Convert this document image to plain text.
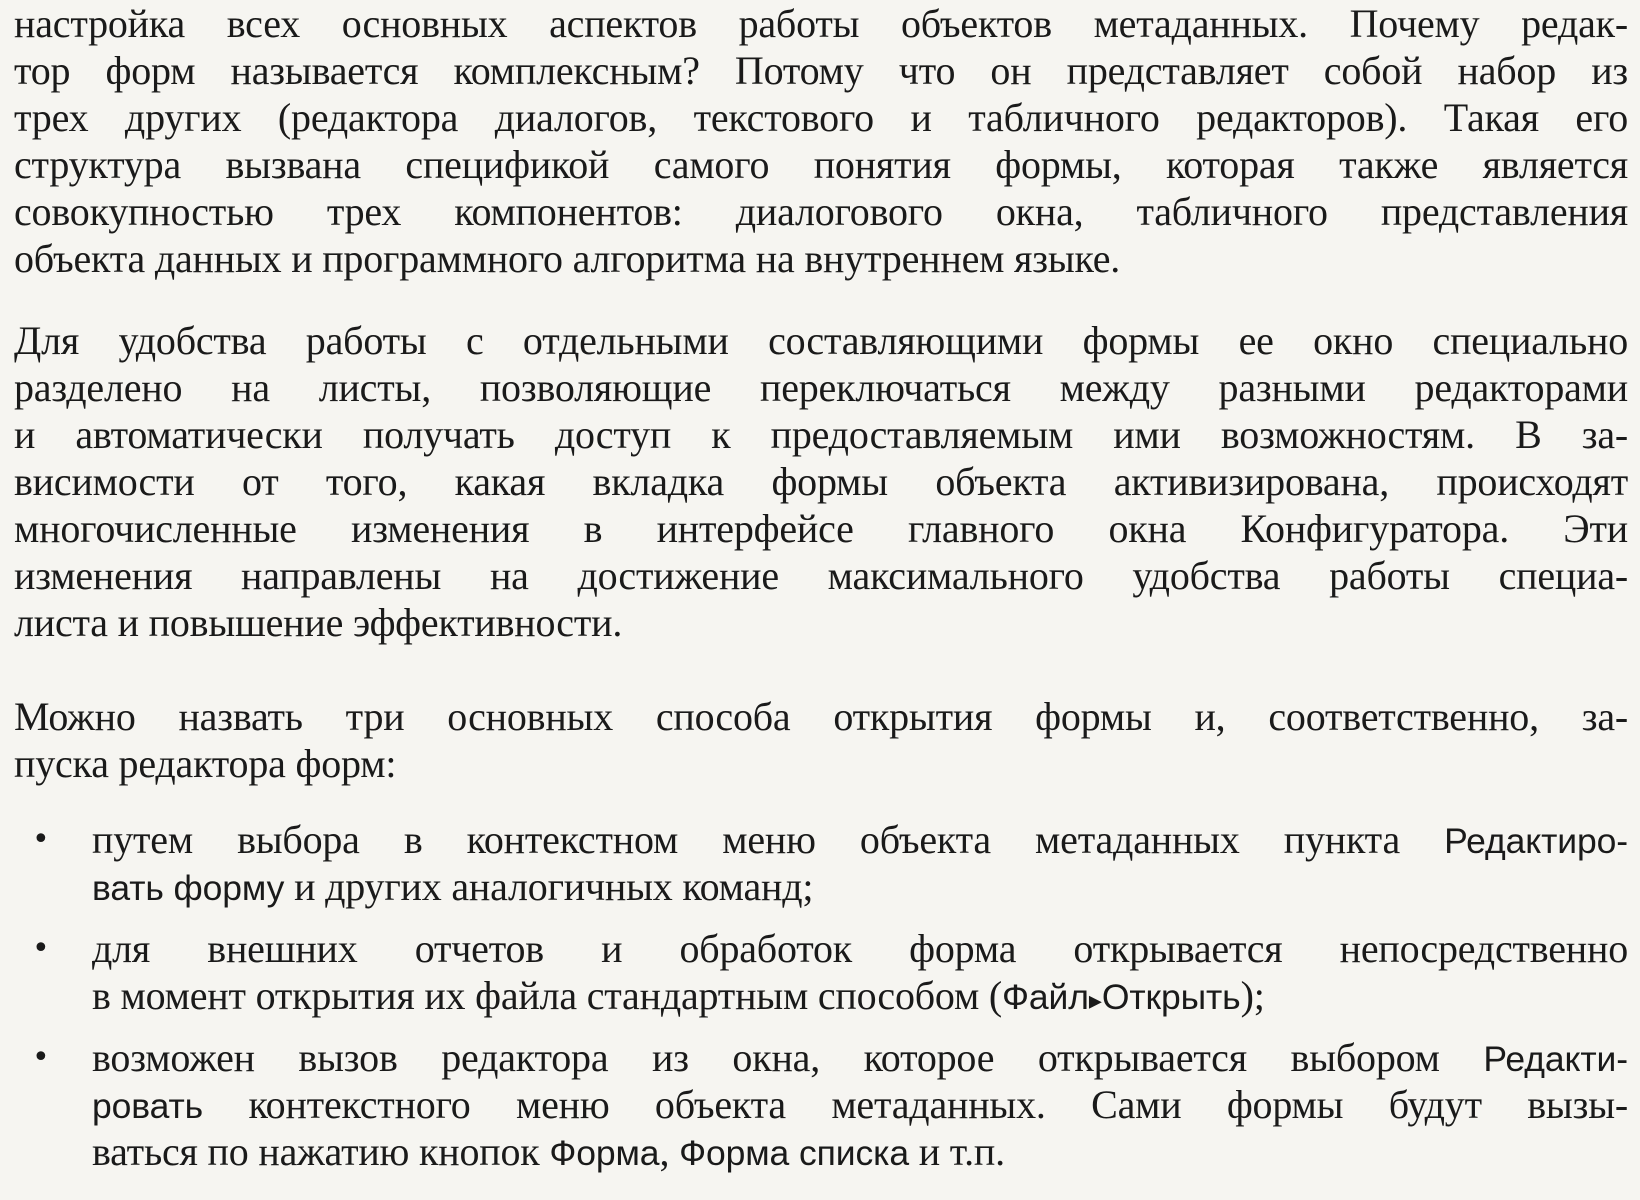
настройка всех основных аспектов работы объектов метаданных. Почему редак-
тор форм называется комплексным? Потому что он представляет собой набор из
трех других (редактора диалогов, текстового и табличного редакторов). Такая его
структура вызвана спецификой самого понятия формы, которая также является
совокупностью трех компонентов: диалогового окна, табличного представления
объекта данных и программного алгоритма на внутреннем языке.
Для удобства работы с отдельными составляющими формы ее окно специально
разделено на листы, позволяющие переключаться между разными редакторами
и автоматически получать доступ к предоставляемым ими возможностям. В за-
висимости от того, какая вкладка формы объекта активизирована, происходят
многочисленные изменения в интерфейсе главного окна Конфигуратора. Эти
изменения направлены на достижение максимального удобства работы специа-
листа и повышение эффективности.
Можно назвать три основных способа открытия формы и, соответственно, за-
пуска редактора форм:
• путем выбора в контекстном меню объекта метаданных пункта Редактиро-
вать форму и других аналогичных команд;
• для внешних отчетов и обработок форма открывается непосредственно
в момент открытия их файла стандартным способом (Файл▸Открыть);
• возможен вызов редактора из окна, которое открывается выбором Редакти-
ровать контекстного меню объекта метаданных. Сами формы будут вызы-
ваться по нажатию кнопок Форма, Форма списка и т.п.
